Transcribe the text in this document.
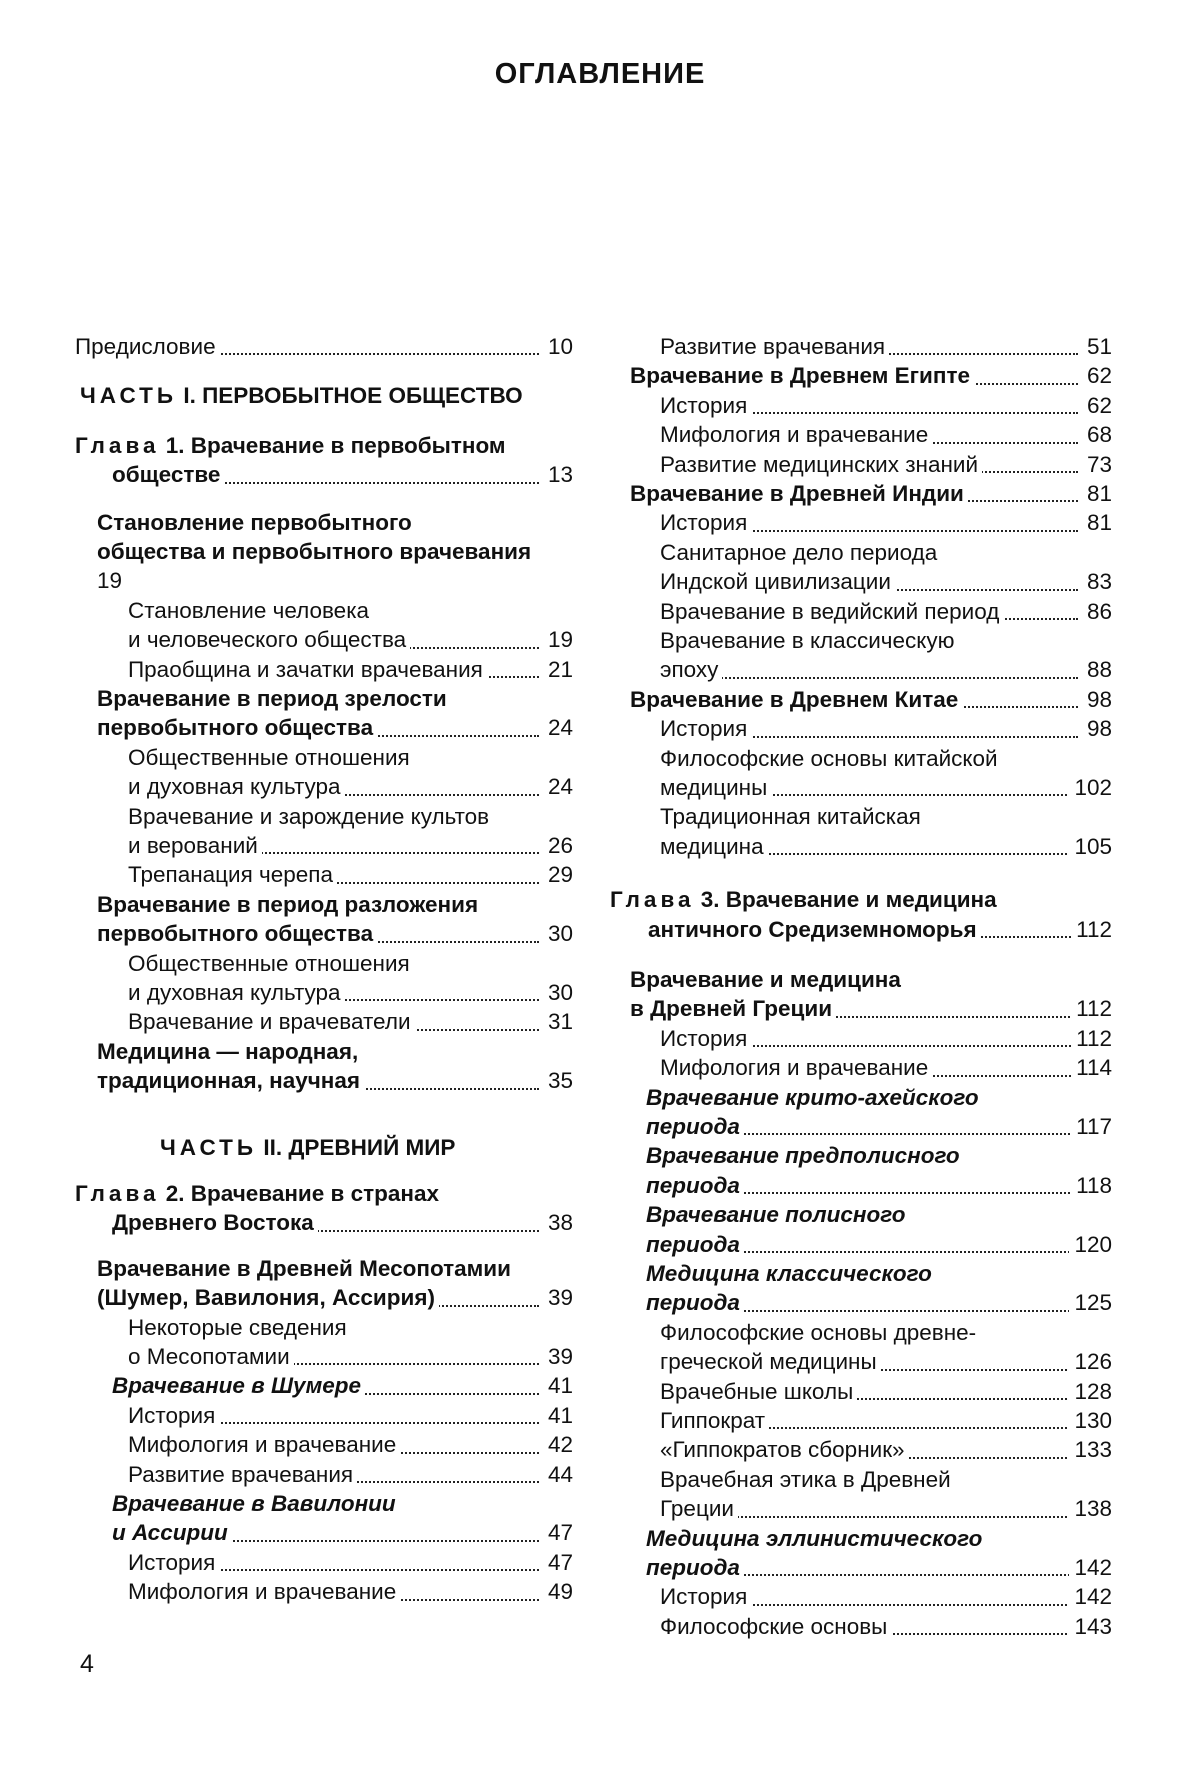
ОГЛАВЛЕНИЕ
Предисловие	10
ЧАСТЬ I. ПЕРВОБЫТНОЕ ОБЩЕСТВО
Глава 1. Врачевание в первобытном
обществе	13
Становление первобытного
общества и первобытного врачевания
19
Становление человека
и человеческого общества	19
Праобщина и зачатки врачевания	21
Врачевание в период зрелости
первобытного общества	24
Общественные отношения
и духовная культура	24
Врачевание и зарождение культов
и верований	26
Трепанация черепа	29
Врачевание в период разложения
первобытного общества	30
Общественные отношения
и духовная культура	30
Врачевание и врачеватели	31
Медицина — народная,
традиционная, научная	35
ЧАСТЬ II. ДРЕВНИЙ МИР
Глава 2. Врачевание в странах
Древнего Востока	38
Врачевание в Древней Месопотамии
(Шумер, Вавилония, Ассирия)	39
Некоторые сведения
о Месопотамии	39
Врачевание в Шумере	41
История	41
Мифология и врачевание	42
Развитие врачевания	44
Врачевание в Вавилонии
и Ассирии	47
История	47
Мифология и врачевание	49
Развитие врачевания	51
Врачевание в Древнем Египте	62
История	62
Мифология и врачевание	68
Развитие медицинских знаний	73
Врачевание в Древней Индии	81
История	81
Санитарное дело периода
Индской цивилизации	83
Врачевание в ведийский период	86
Врачевание в классическую
эпоху	88
Врачевание в Древнем Китае	98
История	98
Философские основы китайской
медицины	102
Традиционная китайская
медицина	105
Глава 3. Врачевание и медицина
античного Средиземноморья	112
Врачевание и медицина
в Древней Греции	112
История	112
Мифология и врачевание	114
Врачевание крито-ахейского
периода	117
Врачевание предполисного
периода	118
Врачевание полисного
периода	120
Медицина классического
периода	125
Философские основы древне-
греческой медицины	126
Врачебные школы	128
Гиппократ	130
«Гиппократов сборник»	133
Врачебная этика в Древней
Греции	138
Медицина эллинистического
периода	142
История	142
Философские основы	143
4
